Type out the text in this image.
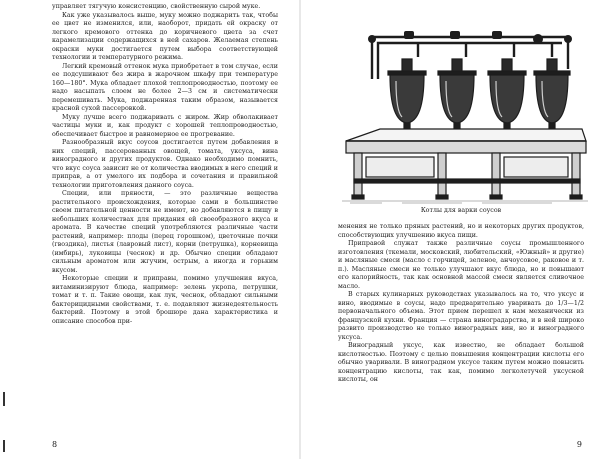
управляет тягучую консистенцию, свойственную сырой муке.

Как уже указывалось выше, муку можно поджарить так, чтобы ее цвет не изменился, или, наоборот, придать ей окраску от легкого кремового оттенка до коричневого цвета за счет карамелизации содержащихся в ней сахаров. Желаемая степень окраски муки достигается путем выбора соответствующей технологии и температурного режима.

Легкий кремовый оттенок мука приобретает в том случае, если ее подсушивают без жира в жарочном шкафу при температуре 160—180°. Мука обладает плохой теплопроводностью, поэтому ее надо насыпать слоем не более 2—3 см и систематически перемешивать. Мука, поджаренная таким образом, называется красной сухой пассеровкой.

Муку лучше всего поджаривать с жиром. Жир обволакивает частицы муки и, как продукт с хорошей теплопроводностью, обеспечивает быстрое и равномерное ее прогревание.

Разнообразный вкус соусов достигается путем добавления в них специй, пассерованных овощей, томата, уксуса, вина виноградного и других продуктов. Однако необходимо помнить, что вкус соуса зависит не от количества вводимых в него специй и приправ, а от умелого их подбора и сочетания и правильной технологии приготовления данного соуса.

Специи, или пряности, — это различные вещества растительного происхождения, которые сами в большинстве своем питательной ценности не имеют, но добавляются в пищу в небольших количествах для придания ей своеобразного вкуса и аромата. В качестве специй употребляются различные части растений, например: плоды (перец горошком), цветочные почки (гвоздика), листья (лавровый лист), корни (петрушка), корневища (имбирь), луковицы (чеснок) и др. Обычно специи обладают сильным ароматом или жгучим, острым, а иногда и горьким вкусом.

Некоторые специи и приправы, помимо улучшения вкуса, витаминизируют блюда, например: зелень укропа, петрушки, томат и т. п. Такие овощи, как лук, чеснок, обладают сильными бактерицидными свойствами, т. е. подавляют жизнедеятельность бактерий. Поэтому в этой брошюре дана характеристика и описание способов при-

8
Котлы для варки соусов

менения не только пряных растений, но и некоторых других продуктов, способствующих улучшению вкуса пищи.

Приправой служат также различные соусы промышленного изготовления (ткемали, московский, любительский, «Южный» и другие) и масляные смеси (масло с горчицей, зеленое, анчоусовое, раковое и т. п.). Масляные смеси не только улучшают вкус блюда, но и повышают его калорийность, так как основной массой смеси является сливочное масло.

В старых кулинарных руководствах указывалось на то, что уксус и вино, вводимые в соусы, надо предварительно уваривать до 1/3—1/2 первоначального объема. Этот прием перешел к нам механически из французской кухни. Франция — страна виноградарства, и в ней широко развито производство не только виноградных вин, но и виноградного уксуса.

Виноградный уксус, как известно, не обладает большой кислотностью. Поэтому с целью повышения концентрации кислоты его обычно уваривали. В виноградном уксусе таким путем можно повысить концентрацию кислоты, так как, помимо легколетучей уксусной кислоты, он

9
